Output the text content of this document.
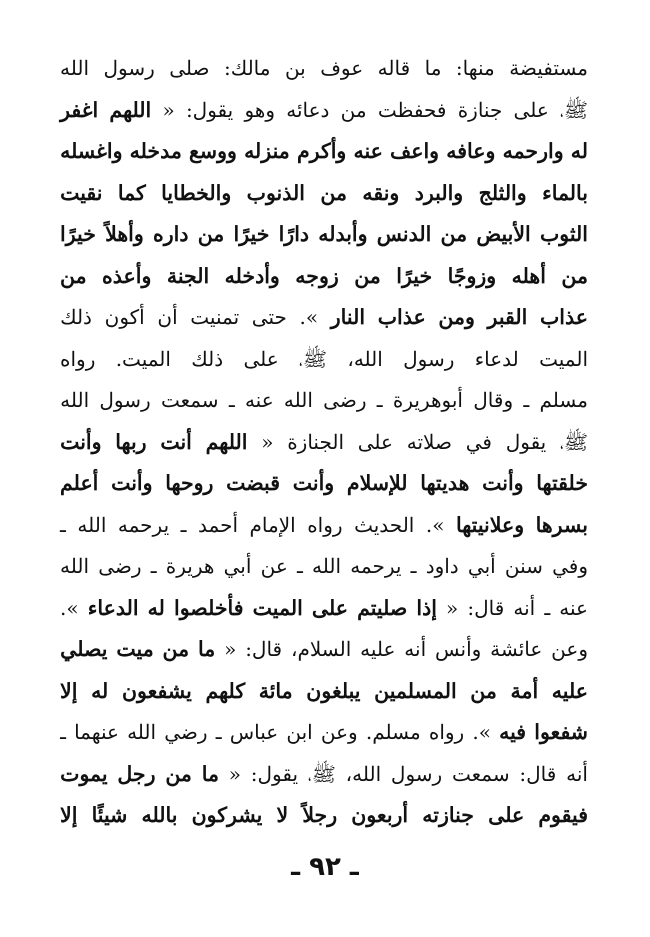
مستفيضة
منها:
ما
قاله
عوف
بن
مالك:
صلى
رسول
الله
ﷺ،
على
جنازة
فحفظت
من
دعائه
وهو
يقول:
«
اللهم
اغفر
له
وارحمه
وعافه
واعف
عنه
وأكرم
منزله
ووسع
مدخله
واغسله
بالماء
والثلج
والبرد
ونقه
من
الذنوب
والخطايا
كما
نقيت
الثوب
الأبيض
من
الدنس
وأبدله
دارًا
خيرًا
من
داره
وأهلاً
خيرًا
من
أهله
وزوجًا
خيرًا
من
زوجه
وأدخله
الجنة
وأعذه
من
عذاب
القبر
ومن
عذاب
النار
».
حتى
تمنيت
أن
أكون
ذلك
الميت
لدعاء
رسول
الله،
ﷺ،
على
ذلك
الميت.
رواه
مسلم
ـ
وقال
أبوهريرة
ـ
رضى
الله
عنه
ـ
سمعت
رسول
الله
ﷺ،
يقول
في
صلاته
على
الجنازة
«
اللهم
أنت
ربها
وأنت
خلقتها
وأنت
هديتها
للإسلام
وأنت
قبضت
روحها
وأنت
أعلم
بسرها
وعلانيتها
».
الحديث
رواه
الإمام
أحمد
ـ
يرحمه
الله
ـ
وفي
سنن
أبي
داود
ـ
يرحمه
الله
ـ
عن
أبي
هريرة
ـ
رضى
الله
عنه
ـ
أنه
قال:
«
إذا
صليتم
على
الميت
فأخلصوا
له
الدعاء
».
وعن
عائشة
وأنس
أنه
عليه
السلام،
قال:
«
ما
من
ميت
يصلي
عليه
أمة
من
المسلمين
يبلغون
مائة
كلهم
يشفعون
له
إلا
شفعوا
فيه
».
رواه
مسلم.
وعن
ابن
عباس
ـ
رضي
الله
عنهما
ـ
أنه
قال:
سمعت
رسول
الله،
ﷺ،
يقول:
«
ما
من
رجل
يموت
فيقوم
على
جنازته
أربعون
رجلاً
لا
يشركون
بالله
شيئًا
إلا
ـ ٩٢ ـ
